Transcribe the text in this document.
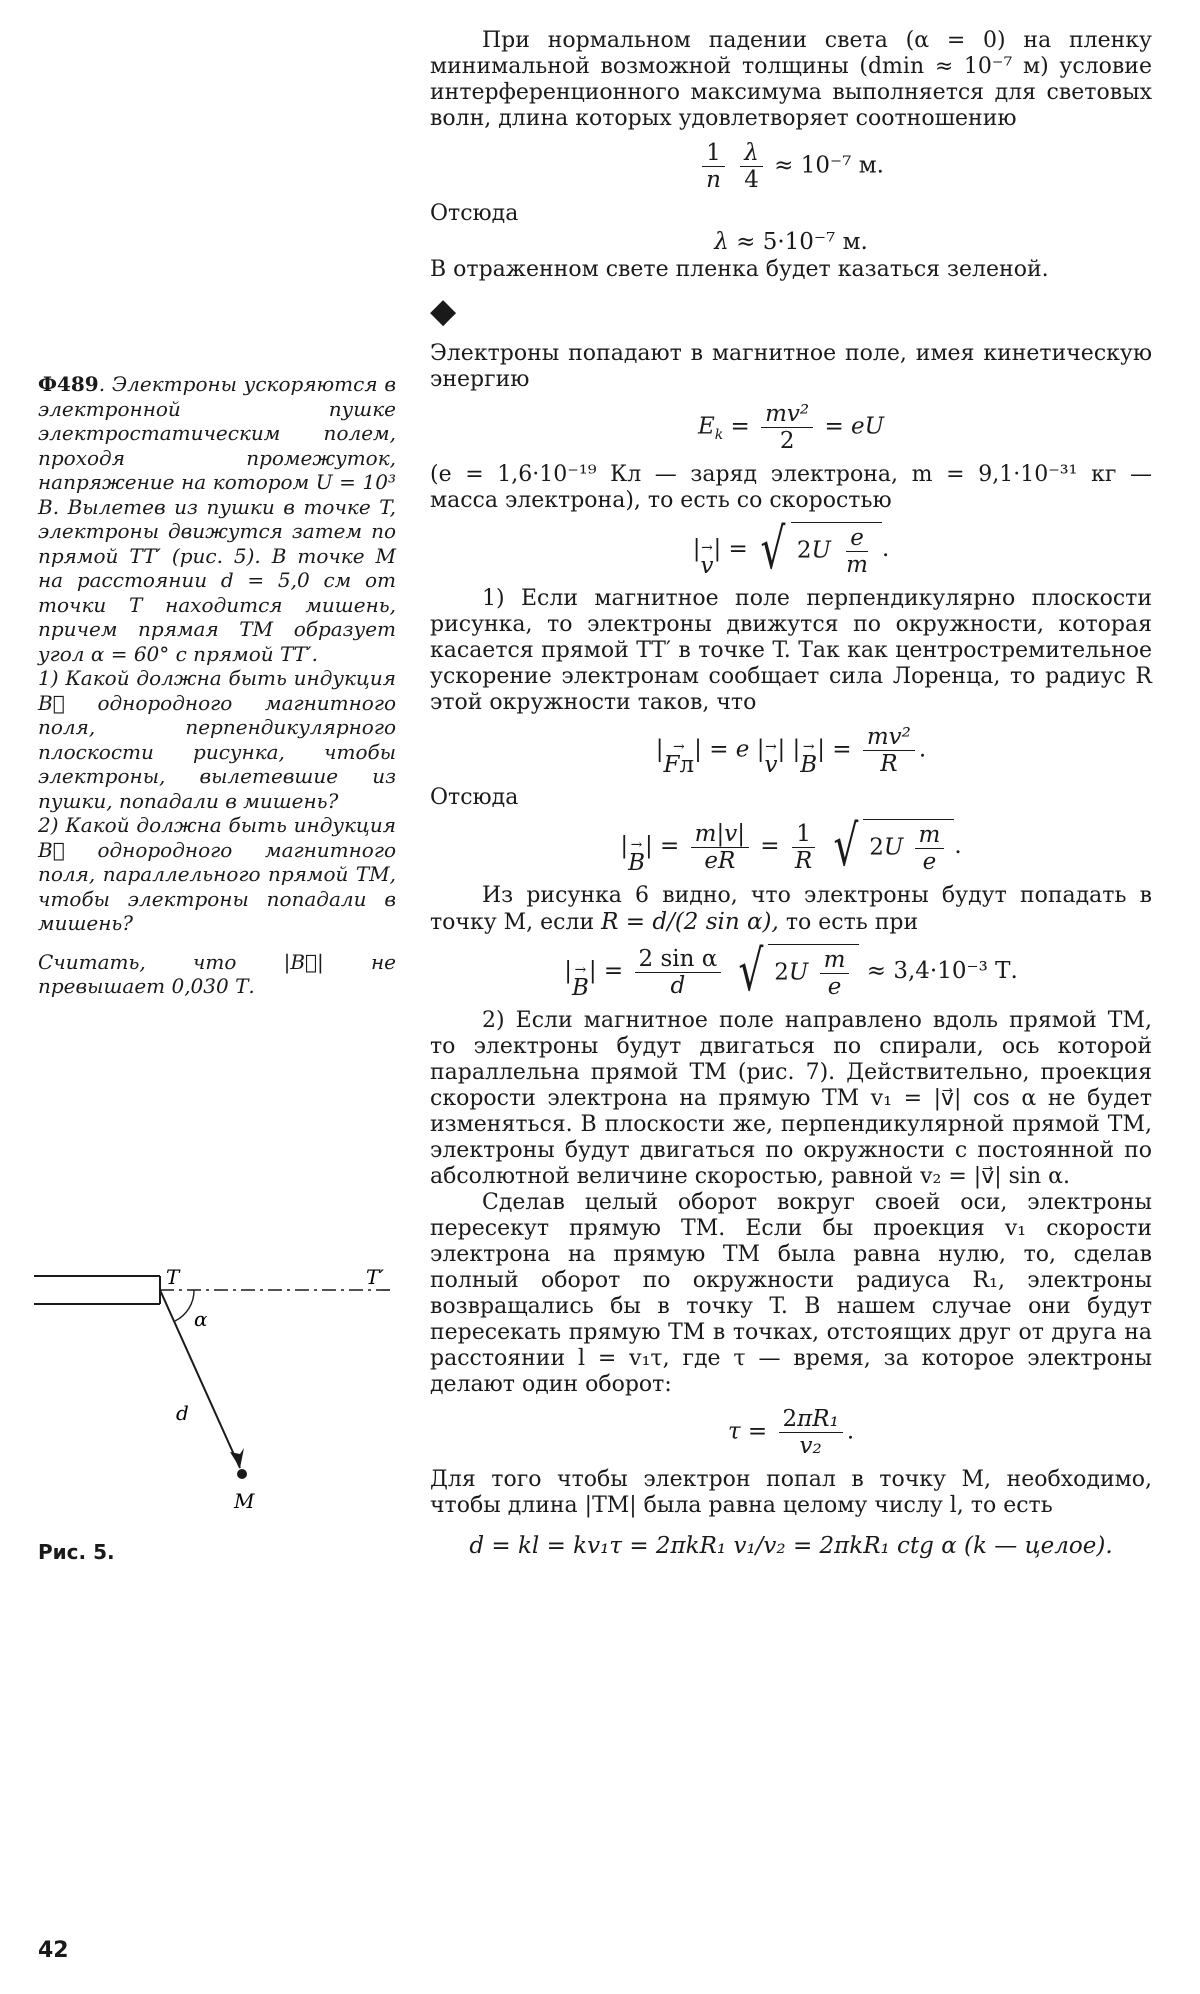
При нормальном падении света (α = 0) на пленку минимальной возможной толщины (dmin ≈ 10⁻⁷ м) условие интерференционного максимума выполняется для световых волн, длина которых удовлетворяет соотношению

$\frac{1}{n}$
$\frac{\lambda}{4} \approx 10^{-7}$ м.

Отсюда

λ ≈ 5·10⁻⁷ м.

В отраженном свете пленка будет казаться зеленой.

◆

Электроны попадают в магнитное поле, имея кинетическую энергию

$E_k = \frac{\text{mv²}}{2}$ = eU

(e = 1,6·10⁻¹⁹ Кл — заряд электрона, m = 9,1·10⁻³¹ кг — масса электрона), то есть со скоростью

| →
v
| = √ $2U \frac{e}{m}$ .

1) Если магнитное поле перпендикулярно плоскости рисунка, то электроны движутся по окружности, которая касается прямой TT′ в точке T. Так как центростремительное ускорение электронам сообщает сила Лоренца, то радиус R этой окружности таков, что

| →
Fл
| = e | →
v
| | →
B
| = $\frac{\text{mv²}}{R}$ .

Отсюда

| →
B
| = $\frac{m|v|}{eR} = \frac{1}{R}$
√ $2U \frac{m}{e}$ .

Из рисунка 6 видно, что электроны будут попадать в точку M, если R = d/(2 sin α), то есть при

| →
B
| = $\frac{\text{2 sin α}}{d}$
√ $2U \frac{m}{e} \approx 3,4\cdot 10^{-3}$ Т.

2) Если магнитное поле направлено вдоль прямой TM, то электроны будут двигаться по спирали, ось которой параллельна прямой TM (рис. 7). Действительно, проекция скорости электрона на прямую TM v₁ = |v⃗| cos α не будет изменяться. В плоскости же, перпендикулярной прямой TM, электроны будут двигаться по окружности с постоянной по абсолютной величине скоростью, равной v₂ = |v⃗| sin α.

Сделав целый оборот вокруг своей оси, электроны пересекут прямую TM. Если бы проекция v₁ скорости электрона на прямую TM была равна нулю, то, сделав полный оборот по окружности радиуса R₁, электроны возвращались бы в точку T. В нашем случае они будут пересекать прямую TM в точках, отстоящих друг от друга на расстоянии l = v₁τ, где τ — время, за которое электроны делают один оборот:

$\tau = \frac{\text{2πR₁}}{\text{v₂}}$ .

Для того чтобы электрон попал в точку M, необходимо, чтобы длина |TM| была равна целому числу l, то есть

d = kl = kv₁τ = 2πkR₁ v₁/v₂ = 2πkR₁ ctg α (k — целое).

Ф489. Электроны ускоряются в электронной пушке электростатическим полем, проходя промежуток, напряжение на котором U = 10³ В. Вылетев из пушки в точке T, электроны движутся затем по прямой TT′ (рис. 5). В точке M на расстоянии d = 5,0 см от точки T находится мишень, причем прямая TM образует угол α = 60° с прямой TT′.

1) Какой должна быть индукция B⃗ однородного магнитного поля, перпендикулярного плоскости рисунка, чтобы электроны, вылетевшие из пушки, попадали в мишень?

2) Какой должна быть индукция B⃗ однородного магнитного поля, параллельного прямой TM, чтобы электроны попадали в мишень?

Считать, что |B⃗| не превышает 0,030 Т.

T	T′
α
d
M
Рис. 5.
42
